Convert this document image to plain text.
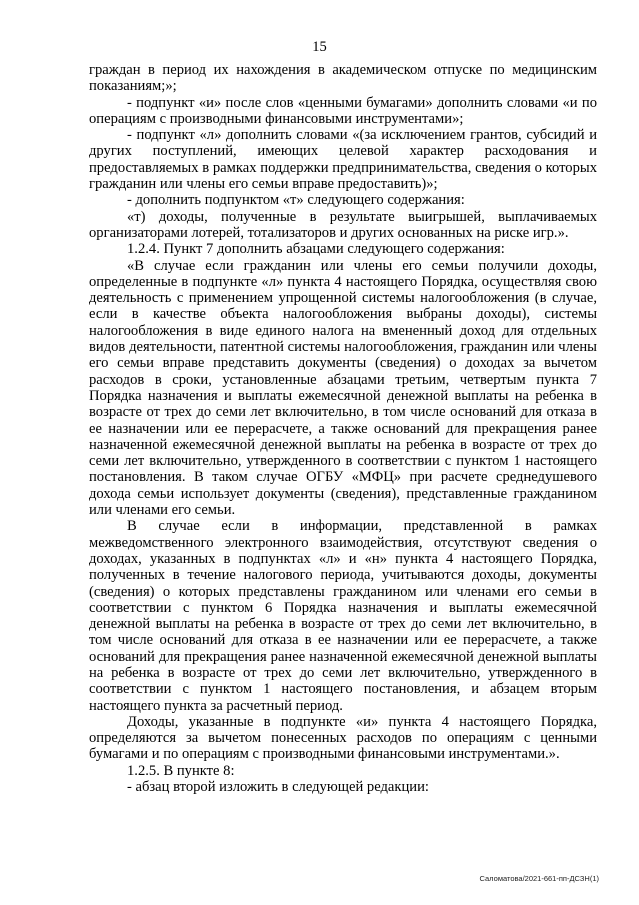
15

граждан в период их нахождения в академическом отпуске по медицинским показаниям;»;

- подпункт «и» после слов «ценными бумагами» дополнить словами «и по операциям с производными финансовыми инструментами»;

- подпункт «л» дополнить словами «(за исключением грантов, субсидий и других поступлений, имеющих целевой характер расходования и предоставляемых в рамках поддержки предпринимательства, сведения о которых гражданин или члены его семьи вправе предоставить)»;

- дополнить подпунктом «т» следующего содержания:

«т) доходы, полученные в результате выигрышей, выплачиваемых организаторами лотерей, тотализаторов и других основанных на риске игр.».

1.2.4. Пункт 7 дополнить абзацами следующего содержания:

«В случае если гражданин или члены его семьи получили доходы, определенные в подпункте «л» пункта 4 настоящего Порядка, осуществляя свою деятельность с применением упрощенной системы налогообложения (в случае, если в качестве объекта налогообложения выбраны доходы), системы налогообложения в виде единого налога на вмененный доход для отдельных видов деятельности, патентной системы налогообложения, гражданин или члены его семьи вправе представить документы (сведения) о доходах за вычетом расходов в сроки, установленные абзацами третьим, четвертым пункта 7 Порядка назначения и выплаты ежемесячной денежной выплаты на ребенка в возрасте от трех до семи лет включительно, в том числе оснований для отказа в ее назначении или ее перерасчете, а также оснований для прекращения ранее назначенной ежемесячной денежной выплаты на ребенка в возрасте от трех до семи лет включительно, утвержденного в соответствии с пунктом 1 настоящего постановления. В таком случае ОГБУ «МФЦ» при расчете среднедушевого дохода семьи использует документы (сведения), представленные гражданином или членами его семьи.

В случае если в информации, представленной в рамках межведомственного электронного взаимодействия, отсутствуют сведения о доходах, указанных в подпунктах «л» и «н» пункта 4 настоящего Порядка, полученных в течение налогового периода, учитываются доходы, документы (сведения) о которых представлены гражданином или членами его семьи в соответствии с пунктом 6 Порядка назначения и выплаты ежемесячной денежной выплаты на ребенка в возрасте от трех до семи лет включительно, в том числе оснований для отказа в ее назначении или ее перерасчете, а также оснований для прекращения ранее назначенной ежемесячной денежной выплаты на ребенка в возрасте от трех до семи лет включительно, утвержденного в соответствии с пунктом 1 настоящего постановления, и абзацем вторым настоящего пункта за расчетный период.

Доходы, указанные в подпункте «и» пункта 4 настоящего Порядка, определяются за вычетом понесенных расходов по операциям с ценными бумагами и по операциям с производными финансовыми инструментами.».

1.2.5. В пункте 8:

- абзац второй изложить в следующей редакции:

Саломатова/2021-661-пп-ДСЗН(1)
